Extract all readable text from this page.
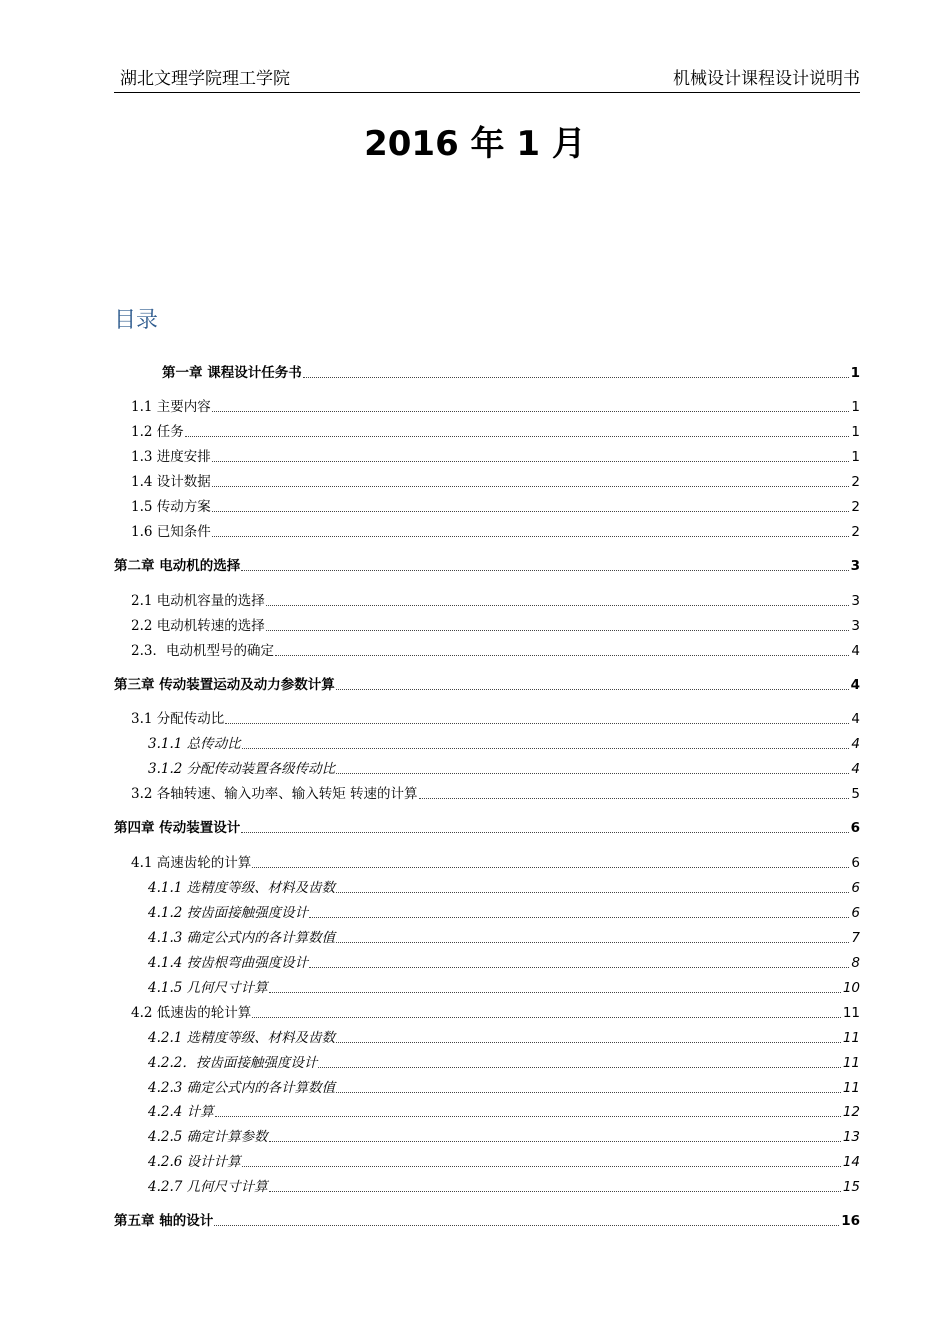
湖北文理学院理工学院	机械设计课程设计说明书
2016 年 1 月
目录
第一章 课程设计任务书	1
1.1 主要内容	1
1.2 任务	1
1.3 进度安排	1
1.4 设计数据	2
1.5 传动方案	2
1.6 已知条件	2
第二章 电动机的选择	3
2.1 电动机容量的选择	3
2.2 电动机转速的选择	3
2.3．电动机型号的确定	4
第三章 传动装置运动及动力参数计算	4
3.1 分配传动比	4
3.1.1 总传动比	4
3.1.2 分配传动装置各级传动比	4
3.2 各轴转速、输入功率、输入转矩 转速的计算	5
第四章 传动装置设计	6
4.1 高速齿轮的计算	6
4.1.1 选精度等级、材料及齿数	6
4.1.2 按齿面接触强度设计	6
4.1.3 确定公式内的各计算数值	7
4.1.4 按齿根弯曲强度设计	8
4.1.5 几何尺寸计算	10
4.2 低速齿的轮计算	11
4.2.1 选精度等级、材料及齿数	11
4.2.2．按齿面接触强度设计	11
4.2.3 确定公式内的各计算数值	11
4.2.4 计算	12
4.2.5 确定计算参数	13
4.2.6 设计计算	14
4.2.7 几何尺寸计算	15
第五章 轴的设计	16
